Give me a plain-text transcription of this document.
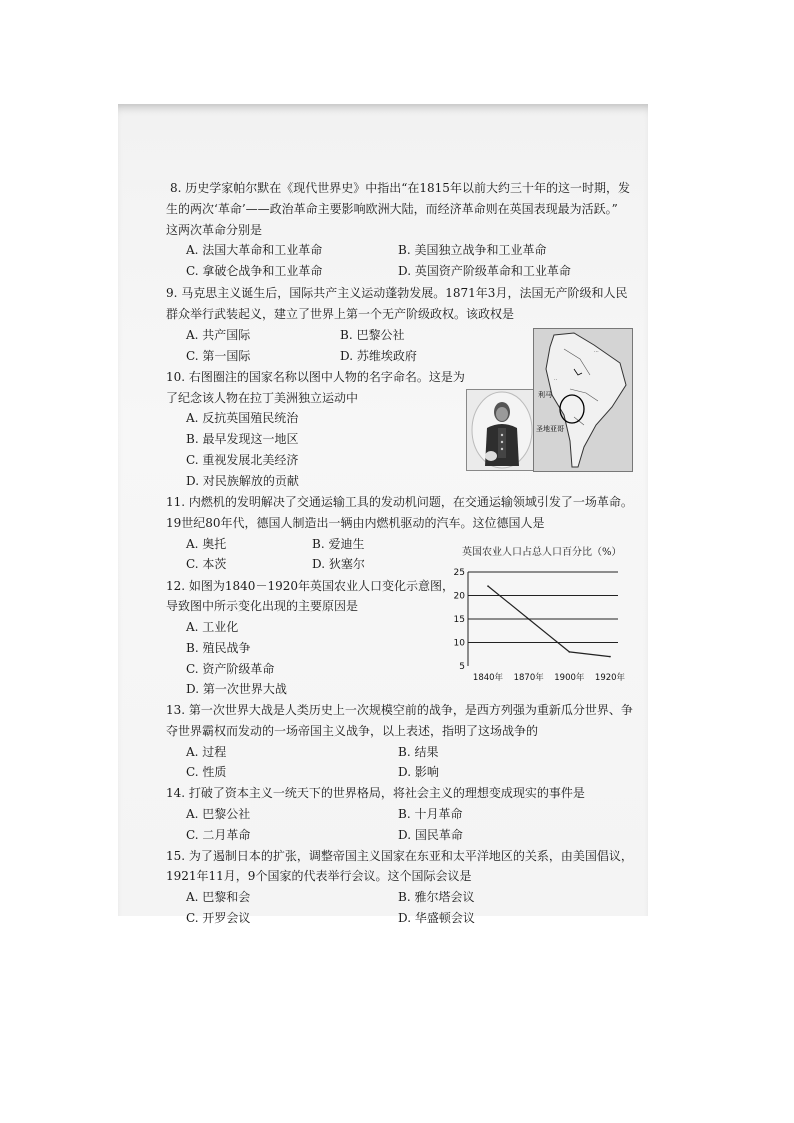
8. 历史学家帕尔默在《现代世界史》中指出“在1815年以前大约三十年的这一时期，发
生的两次‘革命’——政治革命主要影响欧洲大陆，而经济革命则在英国表现最为活跃。”
这两次革命分别是
A. 法国大革命和工业革命	B. 美国独立战争和工业革命
C. 拿破仑战争和工业革命	D. 英国资产阶级革命和工业革命
9. 马克思主义诞生后，国际共产主义运动蓬勃发展。1871年3月，法国无产阶级和人民
群众举行武装起义，建立了世界上第一个无产阶级政权。该政权是
A. 共产国际	B. 巴黎公社
C. 第一国际	D. 苏维埃政府
10. 右图圈注的国家名称以图中人物的名字命名。这是为
了纪念该人物在拉丁美洲独立运动中
A. 反抗英国殖民统治
B. 最早发现这一地区
C. 重视发展北美经济
D. 对民族解放的贡献
利马
圣地亚哥
···
··
11. 内燃机的发明解决了交通运输工具的发动机问题，在交通运输领域引发了一场革命。
19世纪80年代，德国人制造出一辆由内燃机驱动的汽车。这位德国人是
A. 奥托	B. 爱迪生
C. 本茨	D. 狄塞尔
12. 如图为1840－1920年英国农业人口变化示意图，
导致图中所示变化出现的主要原因是
A. 工业化
B. 殖民战争
C. 资产阶级革命
D. 第一次世界大战
英国农业人口占总人口百分比（%）
5
10
15
20
25
1840年 1870年 1900年 1920年
13. 第一次世界大战是人类历史上一次规模空前的战争，是西方列强为重新瓜分世界、争
夺世界霸权而发动的一场帝国主义战争，以上表述，指明了这场战争的
A. 过程	B. 结果
C. 性质	D. 影响
14. 打破了资本主义一统天下的世界格局，将社会主义的理想变成现实的事件是
A. 巴黎公社	B. 十月革命
C. 二月革命	D. 国民革命
15. 为了遏制日本的扩张，调整帝国主义国家在东亚和太平洋地区的关系，由美国倡议，
1921年11月，9个国家的代表举行会议。这个国际会议是
A. 巴黎和会	B. 雅尔塔会议
C. 开罗会议	D. 华盛顿会议
